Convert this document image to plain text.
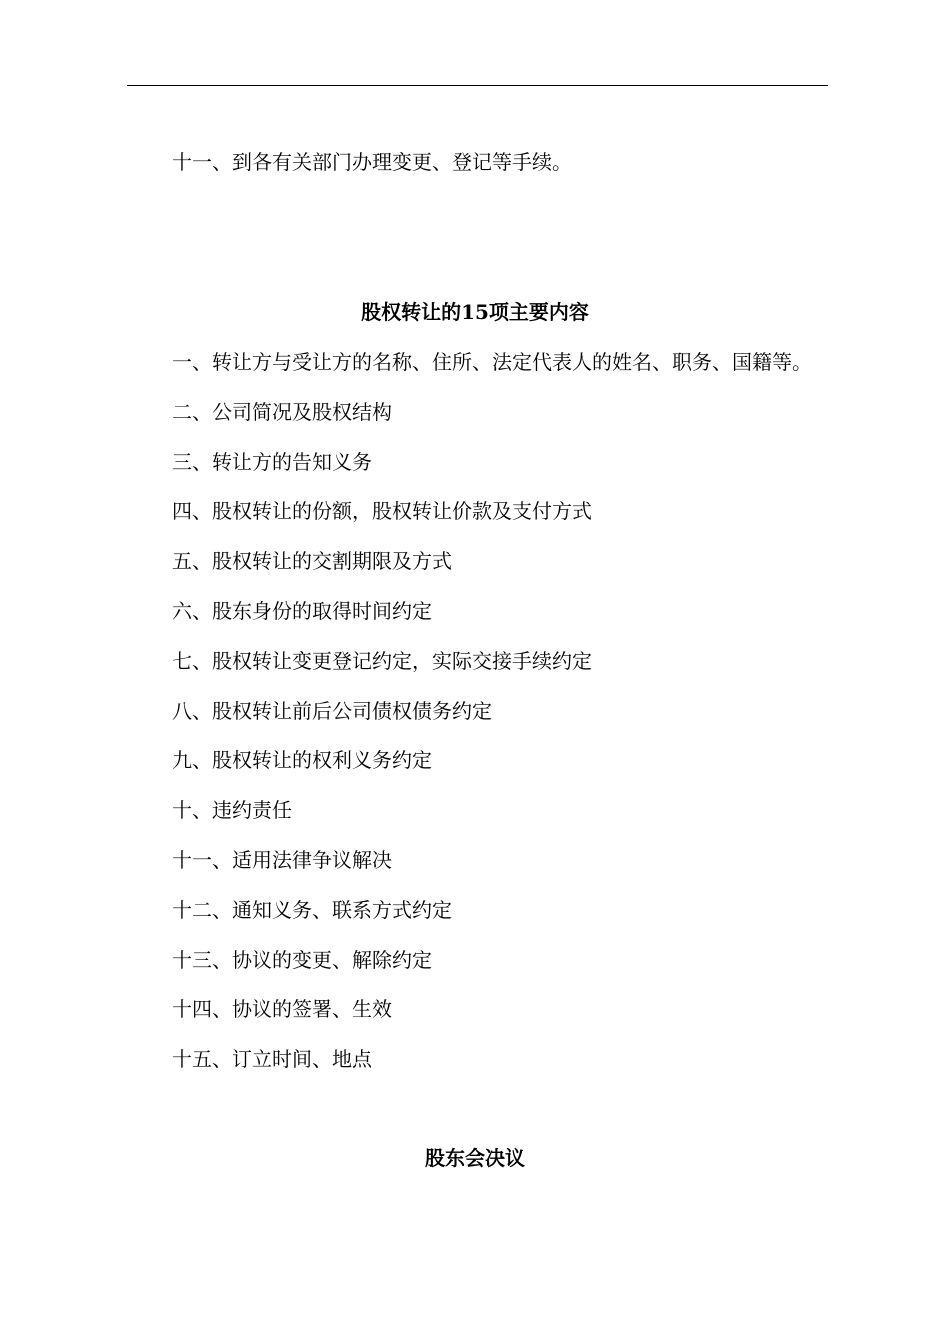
十一、到各有关部门办理变更、登记等手续。
股权转让的15项主要内容
一、转让方与受让方的名称、住所、法定代表人的姓名、职务、国籍等。
二、公司简况及股权结构
三、转让方的告知义务
四、股权转让的份额，股权转让价款及支付方式
五、股权转让的交割期限及方式
六、股东身份的取得时间约定
七、股权转让变更登记约定，实际交接手续约定
八、股权转让前后公司债权债务约定
九、股权转让的权利义务约定
十、违约责任
十一、适用法律争议解决
十二、通知义务、联系方式约定
十三、协议的变更、解除约定
十四、协议的签署、生效
十五、订立时间、地点
股东会决议
